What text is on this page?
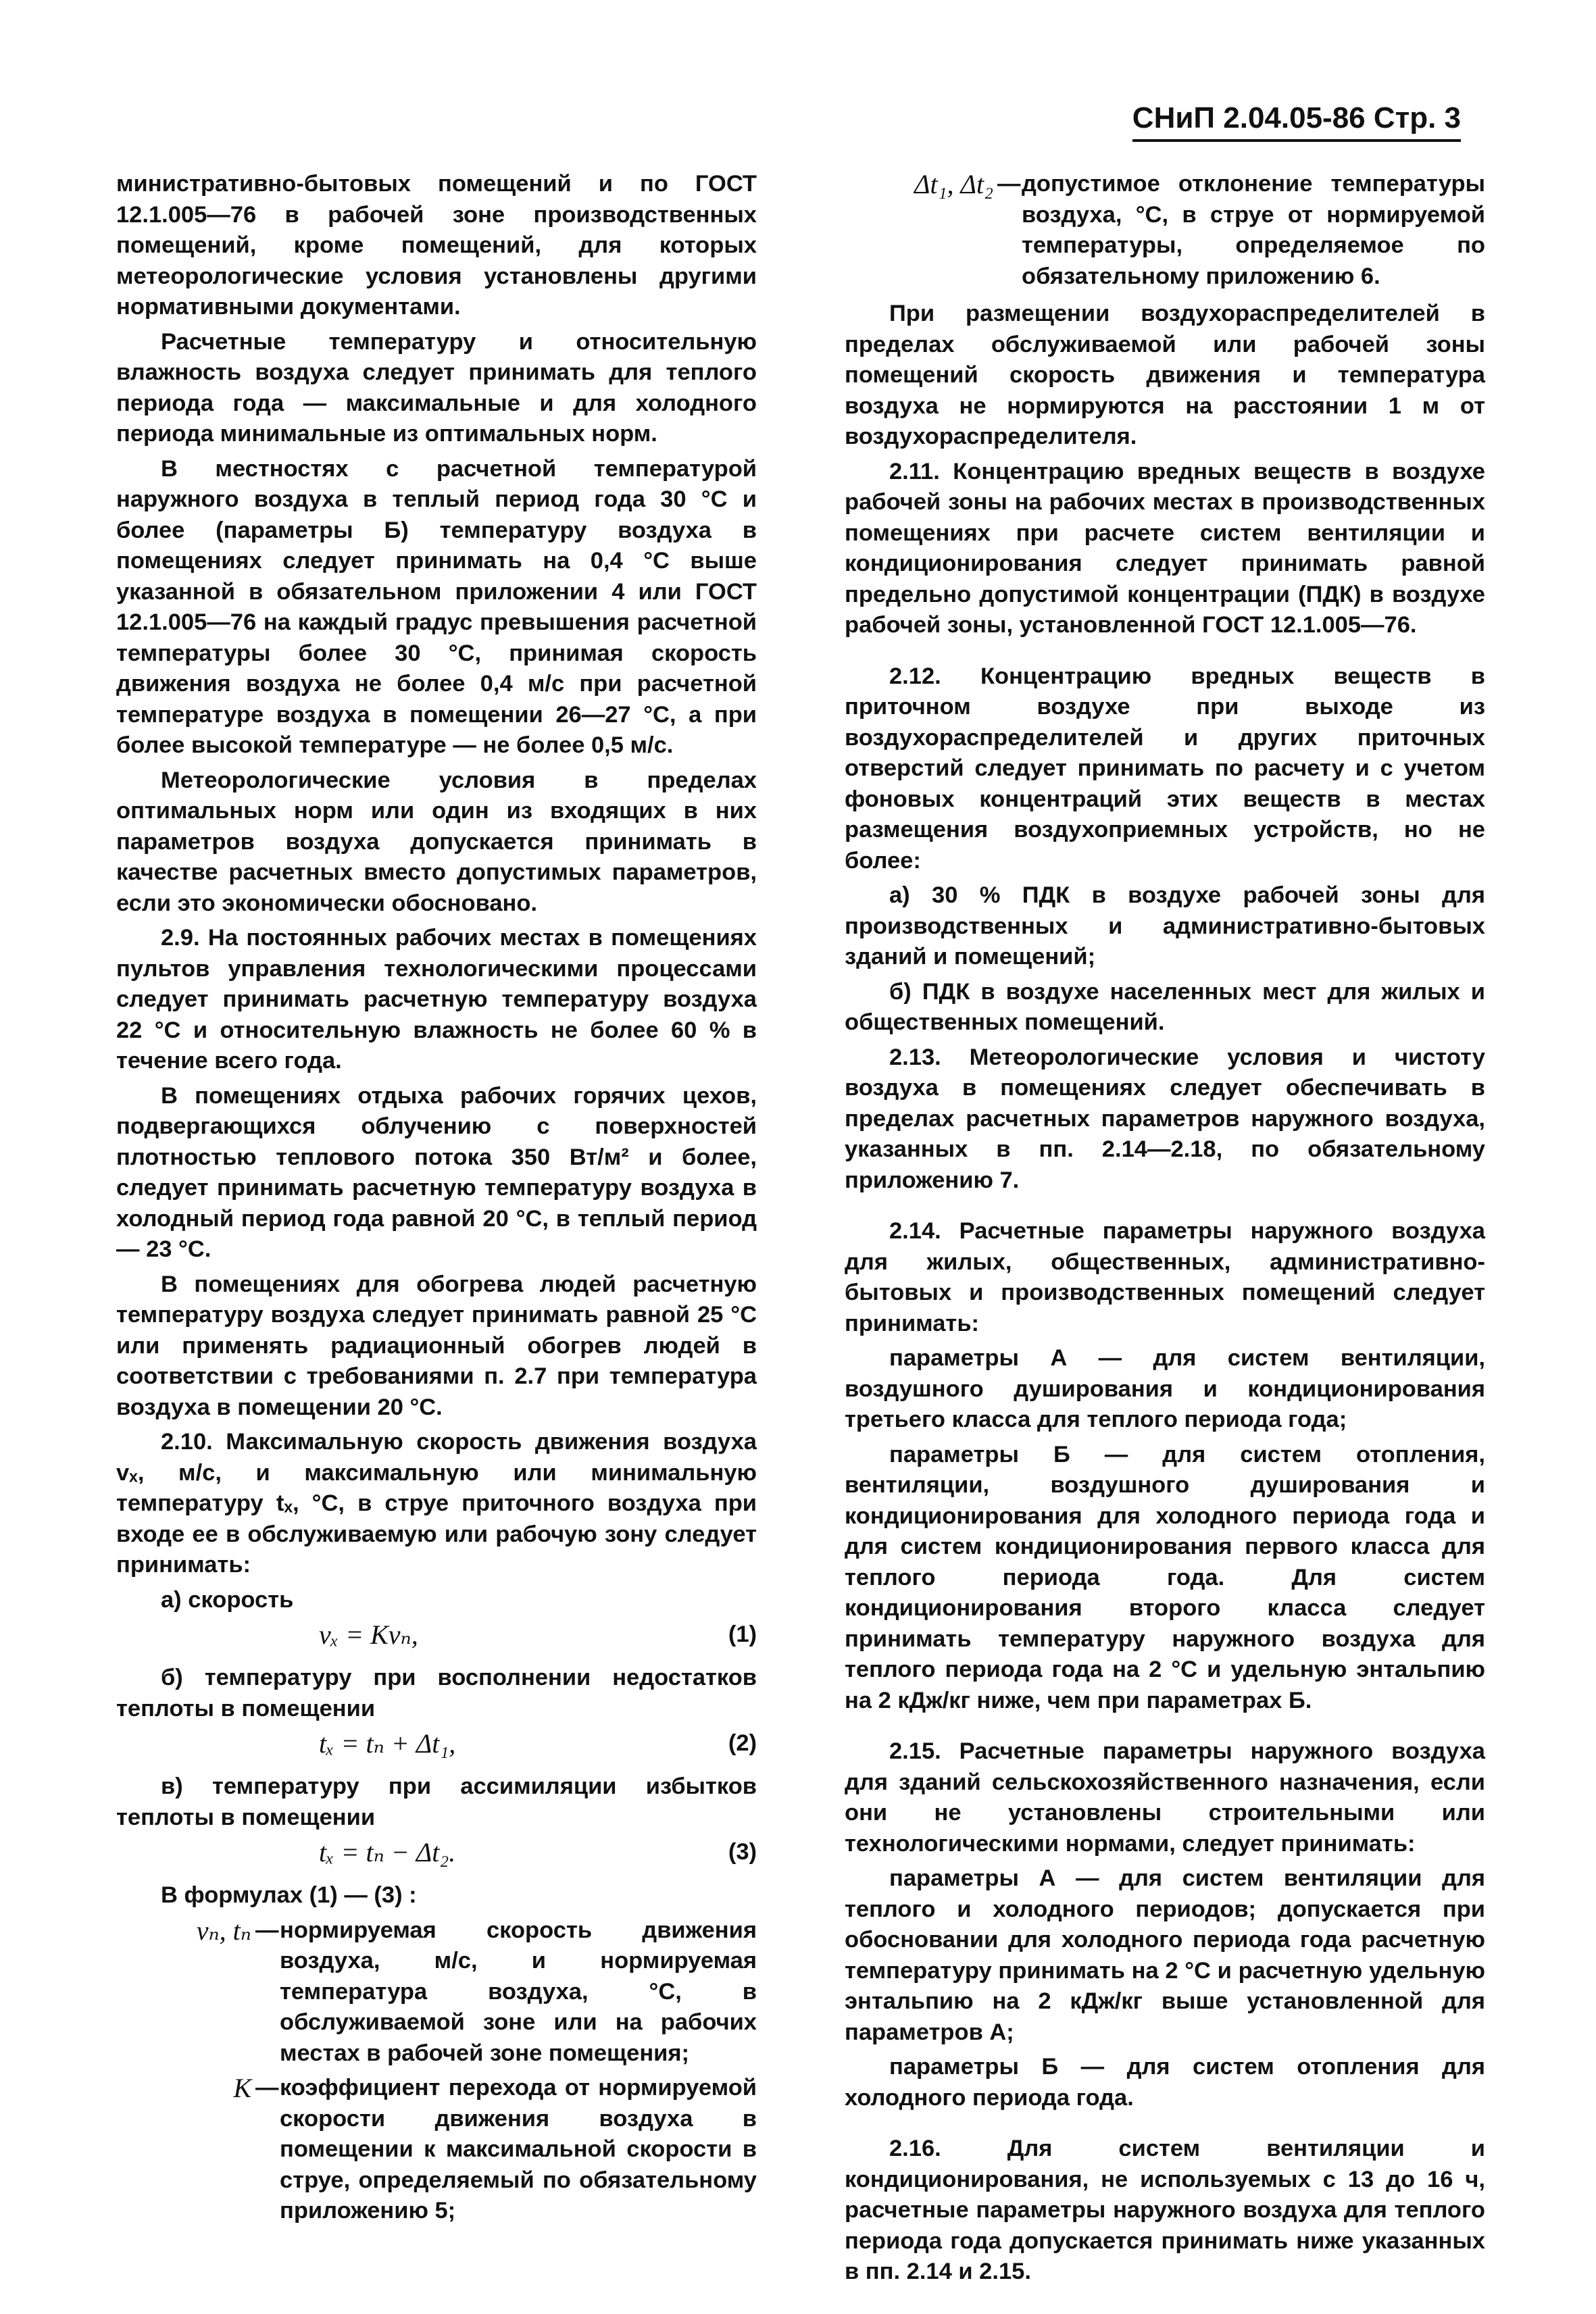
СНиП 2.04.05-86 Стр. 3

министративно-бытовых помещений и по ГОСТ 12.1.005—76 в рабочей зоне производственных помещений, кроме помещений, для которых метеорологические условия установлены другими нормативными документами.

Расчетные температуру и относительную влажность воздуха следует принимать для теплого периода года — максимальные и для холодного периода минимальные из оптимальных норм.

В местностях с расчетной температурой наружного воздуха в теплый период года 30 °С и более (параметры Б) температуру воздуха в помещениях следует принимать на 0,4 °С выше указанной в обязательном приложении 4 или ГОСТ 12.1.005—76 на каждый градус превышения расчетной температуры более 30 °С, принимая скорость движения воздуха не более 0,4 м/с при расчетной температуре воздуха в помещении 26—27 °С, а при более высокой температуре — не более 0,5 м/с.

Метеорологические условия в пределах оптимальных норм или один из входящих в них параметров воздуха допускается принимать в качестве расчетных вместо допустимых параметров, если это экономически обосновано.

2.9. На постоянных рабочих местах в помещениях пультов управления технологическими процессами следует принимать расчетную температуру воздуха 22 °С и относительную влажность не более 60 % в течение всего года.

В помещениях отдыха рабочих горячих цехов, подвергающихся облучению с поверхностей плотностью теплового потока 350 Вт/м² и более, следует принимать расчетную температуру воздуха в холодный период года равной 20 °С, в теплый период — 23 °С.

В помещениях для обогрева людей расчетную температуру воздуха следует принимать равной 25 °С или применять радиационный обогрев людей в соответствии с требованиями п. 2.7 при температура воздуха в помещении 20 °С.

2.10. Максимальную скорость движения воздуха vₓ, м/с, и максимальную или минимальную температуру tₓ, °С, в струе приточного воздуха при входе ее в обслуживаемую или рабочую зону следует принимать:

а) скорость

vₓ = Kvₙ,	(1)

б) температуру при восполнении недостатков теплоты в помещении

tₓ = tₙ + Δt₁,	(2)

в) температуру при ассимиляции избытков теплоты в помещении

tₓ = tₙ − Δt₂.	(3)

В формулах (1) — (3) :

vₙ, tₙ — нормируемая скорость движения воздуха, м/с, и нормируемая температура воздуха, °С, в обслуживаемой зоне или на рабочих местах в рабочей зоне помещения;
K — коэффициент перехода от нормируемой скорости движения воздуха в помещении к максимальной скорости в струе, определяемый по обязательному приложению 5;
Δt₁, Δt₂ — допустимое отклонение температуры воздуха, °С, в струе от нормируемой температуры, определяемое по обязательному приложению 6.

При размещении воздухораспределителей в пределах обслуживаемой или рабочей зоны помещений скорость движения и температура воздуха не нормируются на расстоянии 1 м от воздухораспределителя.

2.11. Концентрацию вредных веществ в воздухе рабочей зоны на рабочих местах в производственных помещениях при расчете систем вентиляции и кондиционирования следует принимать равной предельно допустимой концентрации (ПДК) в воздухе рабочей зоны, установленной ГОСТ 12.1.005—76.

2.12. Концентрацию вредных веществ в приточном воздухе при выходе из воздухораспределителей и других приточных отверстий следует принимать по расчету и с учетом фоновых концентраций этих веществ в местах размещения воздухоприемных устройств, но не более:

а) 30 % ПДК в воздухе рабочей зоны для производственных и административно-бытовых зданий и помещений;

б) ПДК в воздухе населенных мест для жилых и общественных помещений.

2.13. Метеорологические условия и чистоту воздуха в помещениях следует обеспечивать в пределах расчетных параметров наружного воздуха, указанных в пп. 2.14—2.18, по обязательному приложению 7.

2.14. Расчетные параметры наружного воздуха для жилых, общественных, административно-бытовых и производственных помещений следует принимать:

параметры А — для систем вентиляции, воздушного душирования и кондиционирования третьего класса для теплого периода года;

параметры Б — для систем отопления, вентиляции, воздушного душирования и кондиционирования для холодного периода года и для систем кондиционирования первого класса для теплого периода года. Для систем кондиционирования второго класса следует принимать температуру наружного воздуха для теплого периода года на 2 °С и удельную энтальпию на 2 кДж/кг ниже, чем при параметрах Б.

2.15. Расчетные параметры наружного воздуха для зданий сельскохозяйственного назначения, если они не установлены строительными или технологическими нормами, следует принимать:

параметры А — для систем вентиляции для теплого и холодного периодов; допускается при обосновании для холодного периода года расчетную температуру принимать на 2 °С и расчетную удельную энтальпию на 2 кДж/кг выше установленной для параметров А;

параметры Б — для систем отопления для холодного периода года.

2.16. Для систем вентиляции и кондиционирования, не используемых с 13 до 16 ч, расчетные параметры наружного воздуха для теплого периода года допускается принимать ниже указанных в пп. 2.14 и 2.15.
